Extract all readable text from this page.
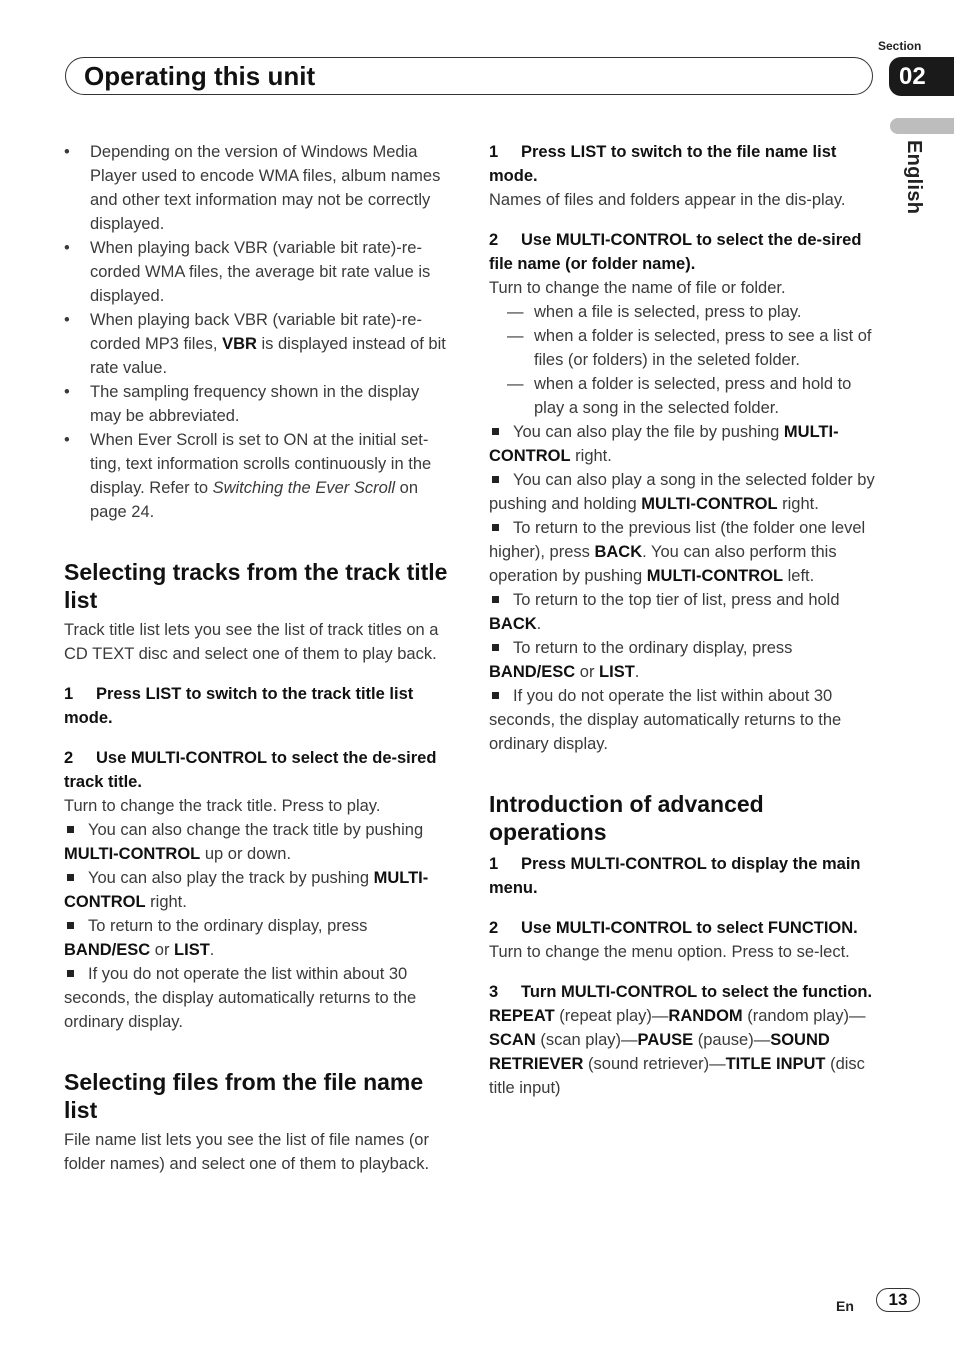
Section
Operating this unit	02
English
• Depending on the version of Windows Media Player used to encode WMA files, album names and other text information may not be correctly displayed.
• When playing back VBR (variable bit rate)-re-corded WMA files, the average bit rate value is displayed.
• When playing back VBR (variable bit rate)-re-corded MP3 files, VBR is displayed instead of bit rate value.
• The sampling frequency shown in the display may be abbreviated.
• When Ever Scroll is set to ON at the initial set-ting, text information scrolls continuously in the display. Refer to Switching the Ever Scroll on page 24.
Selecting tracks from the track title list

Track title list lets you see the list of track titles on a CD TEXT disc and select one of them to play back.

1 Press LIST to switch to the track title list mode.

2 Use MULTI-CONTROL to select the de-sired track title.

Turn to change the track title. Press to play.

You can also change the track title by pushing MULTI-CONTROL up or down.

You can also play the track by pushing MULTI-CONTROL right.

To return to the ordinary display, press BAND/ESC or LIST.

If you do not operate the list within about 30 seconds, the display automatically returns to the ordinary display.

Selecting files from the file name list

File name list lets you see the list of file names (or folder names) and select one of them to playback.

1 Press LIST to switch to the file name list mode.

Names of files and folders appear in the dis-play.

2 Use MULTI-CONTROL to select the de-sired file name (or folder name).

Turn to change the name of file or folder.

— when a file is selected, press to play.

— when a folder is selected, press to see a list of files (or folders) in the seleted folder.

— when a folder is selected, press and hold to play a song in the selected folder.

You can also play the file by pushing MULTI-CONTROL right.

You can also play a song in the selected folder by pushing and holding MULTI-CONTROL right.

To return to the previous list (the folder one level higher), press BACK. You can also perform this operation by pushing MULTI-CONTROL left.

To return to the top tier of list, press and hold BACK.

To return to the ordinary display, press BAND/ESC or LIST.

If you do not operate the list within about 30 seconds, the display automatically returns to the ordinary display.

Introduction of advanced operations

1 Press MULTI-CONTROL to display the main menu.

2 Use MULTI-CONTROL to select FUNCTION.

Turn to change the menu option. Press to se-lect.

3 Turn MULTI-CONTROL to select the function.

REPEAT (repeat play)—RANDOM (random play)—SCAN (scan play)—PAUSE (pause)—SOUND RETRIEVER (sound retriever)—TITLE INPUT (disc title input)

En	13
